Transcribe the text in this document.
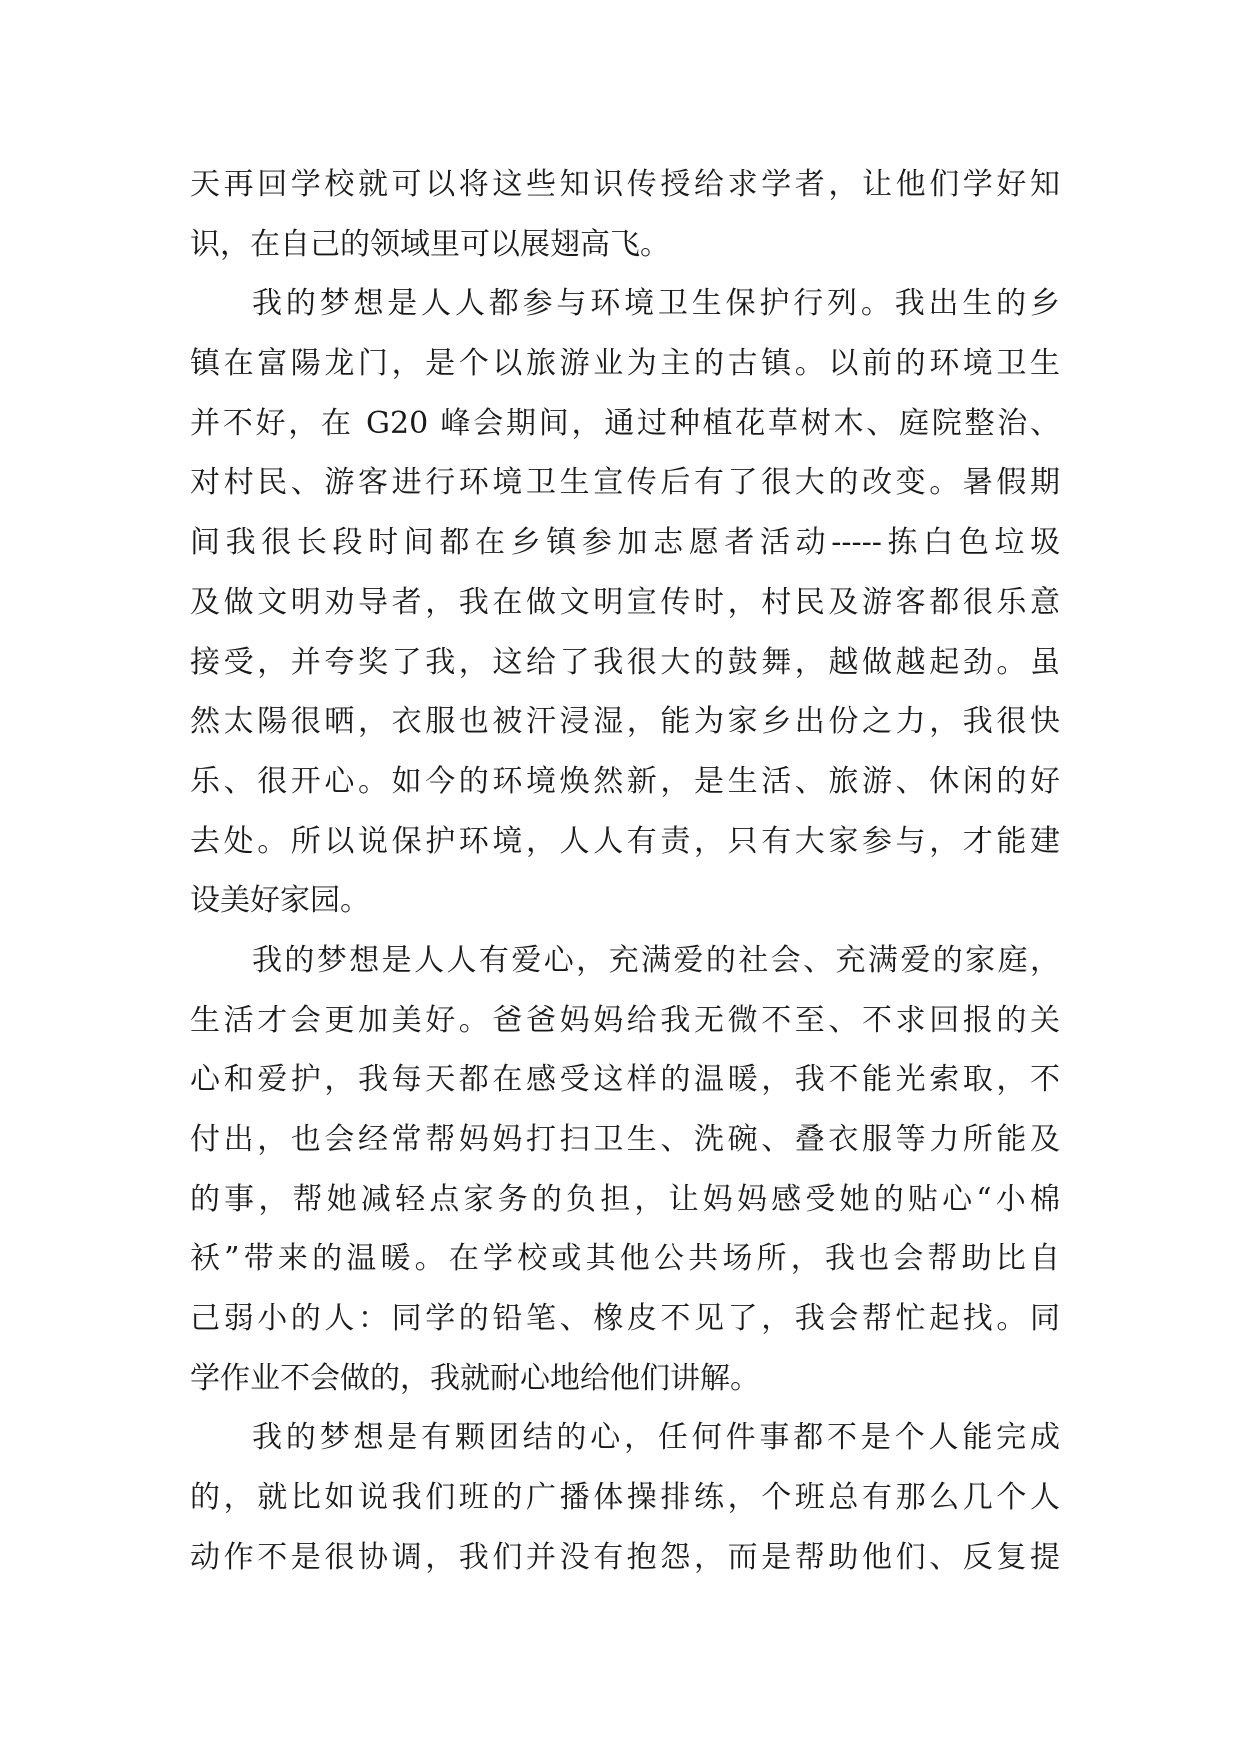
天再回学校就可以将这些知识传授给求学者，让他们学好知
识，在自己的领域里可以展翅高飞。
我的梦想是人人都参与环境卫生保护行列。我出生的乡
镇在富陽龙门，是个以旅游业为主的古镇。以前的环境卫生
并不好，在 G20 峰会期间，通过种植花草树木、庭院整治、
对村民、游客进行环境卫生宣传后有了很大的改变。暑假期
间我很长段时间都在乡镇参加志愿者活动-----拣白色垃圾
及做文明劝导者，我在做文明宣传时，村民及游客都很乐意
接受，并夸奖了我，这给了我很大的鼓舞，越做越起劲。虽
然太陽很晒，衣服也被汗浸湿，能为家乡出份之力，我很快
乐、很开心。如今的环境焕然新，是生活、旅游、休闲的好
去处。所以说保护环境，人人有责，只有大家参与，才能建
设美好家园。
我的梦想是人人有爱心，充满爱的社会、充满爱的家庭，
生活才会更加美好。爸爸妈妈给我无微不至、不求回报的关
心和爱护，我每天都在感受这样的温暖，我不能光索取，不
付出，也会经常帮妈妈打扫卫生、洗碗、叠衣服等力所能及
的事，帮她减轻点家务的负担，让妈妈感受她的贴心“小棉
袄”带来的温暖。在学校或其他公共场所，我也会帮助比自
己弱小的人：同学的铅笔、橡皮不见了，我会帮忙起找。同
学作业不会做的，我就耐心地给他们讲解。
我的梦想是有颗团结的心，任何件事都不是个人能完成
的，就比如说我们班的广播体操排练，个班总有那么几个人
动作不是很协调，我们并没有抱怨，而是帮助他们、反复提
